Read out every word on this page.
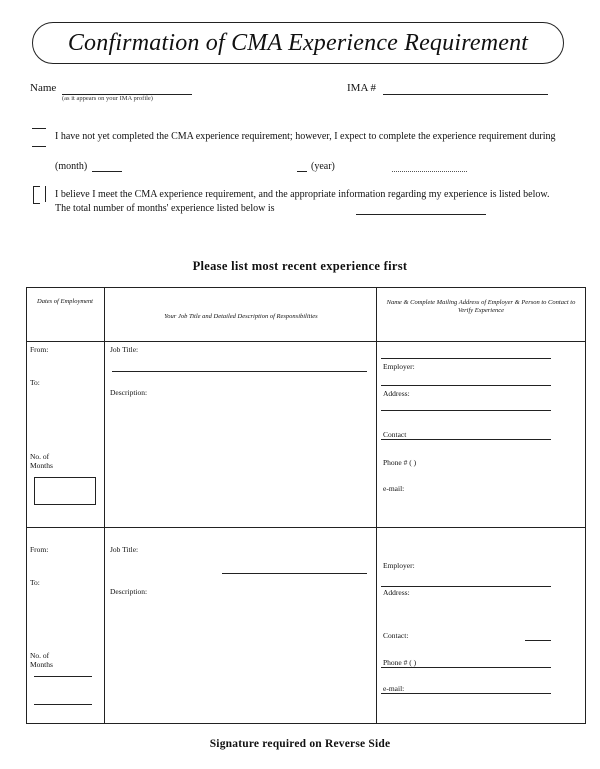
Confirmation of CMA Experience Requirement
Name
(as it appears on your IMA profile)
IMA #
I have not yet completed the CMA experience requirement; however, I expect to complete the experience requirement during
(month)	(year)
I believe I meet the CMA experience requirement, and the appropriate information regarding my experience is listed below. The total number of months' experience listed below is
Please list most recent experience first
Dates of Employment
Your Job Title and Detailed Description of Responsibilities
Name & Complete Mailing Address of Employer & Person to Contact to Verify Experience
From:
To:
No. of Months
Job Title:
Description:
Employer:
Address:
Contact
Phone # ( )
e-mail:
From:
To:
No. of Months
Job Title:
Description:
Employer:
Address:
Contact:
Phone # ( )
e-mail:
Signature required on Reverse Side
